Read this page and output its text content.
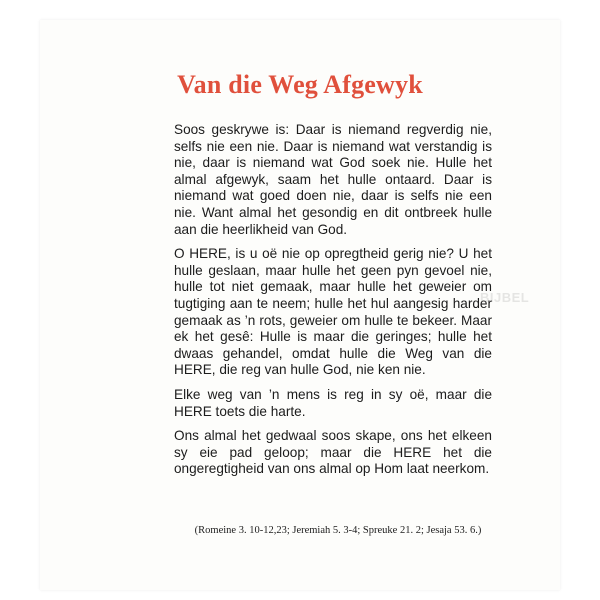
Van die Weg Afgewyk

Soos geskrywe is: Daar is niemand regverdig nie, selfs nie een nie. Daar is niemand wat verstandig is nie, daar is niemand wat God soek nie. Hulle het almal afgewyk, saam het hulle ontaard. Daar is niemand wat goed doen nie, daar is selfs nie een nie. Want almal het gesondig en dit ontbreek hulle aan die heerlikheid van God.

O HERE, is u oë nie op opregtheid gerig nie? U het hulle geslaan, maar hulle het geen pyn gevoel nie, hulle tot niet gemaak, maar hulle het geweier om tugtiging aan te neem; hulle het hul aangesig harder gemaak as ’n rots, geweier om hulle te bekeer. Maar ek het gesê: Hulle is maar die geringes; hulle het dwaas gehandel, omdat hulle die Weg van die HERE, die reg van hulle God, nie ken nie.

Elke weg van ’n mens is reg in sy oë, maar die HERE toets die harte.

Ons almal het gedwaal soos skape, ons het elkeen sy eie pad geloop; maar die HERE het die ongeregtigheid van ons almal op Hom laat neerkom.

(Romeine 3. 10-12,23; Jeremiah 5. 3-4; Spreuke 21. 2; Jesaja 53. 6.)
BIJBEL
